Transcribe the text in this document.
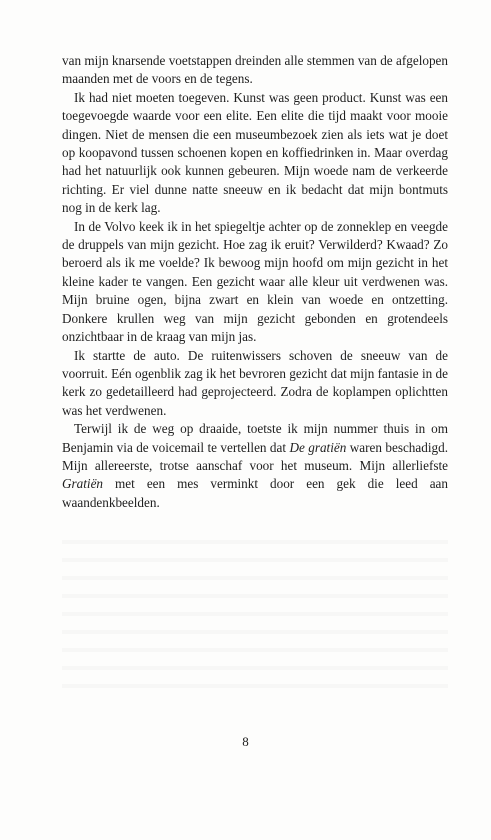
van mijn knarsende voetstappen dreinden alle stemmen van de afgelopen maanden met de voors en de tegens.

Ik had niet moeten toegeven. Kunst was geen product. Kunst was een toegevoegde waarde voor een elite. Een elite die tijd maakt voor mooie dingen. Niet de mensen die een museumbezoek zien als iets wat je doet op koopavond tussen schoenen kopen en koffiedrinken in. Maar overdag had het natuurlijk ook kunnen gebeuren. Mijn woede nam de verkeerde richting. Er viel dunne natte sneeuw en ik bedacht dat mijn bontmuts nog in de kerk lag.

In de Volvo keek ik in het spiegeltje achter op de zonneklep en veegde de druppels van mijn gezicht. Hoe zag ik eruit? Verwilderd? Kwaad? Zo beroerd als ik me voelde? Ik bewoog mijn hoofd om mijn gezicht in het kleine kader te vangen. Een gezicht waar alle kleur uit verdwenen was. Mijn bruine ogen, bijna zwart en klein van woede en ontzetting. Donkere krullen weg van mijn gezicht gebonden en grotendeels onzichtbaar in de kraag van mijn jas.

Ik startte de auto. De ruitenwissers schoven de sneeuw van de voorruit. Eén ogenblik zag ik het bevroren gezicht dat mijn fantasie in de kerk zo gedetailleerd had geprojecteerd. Zodra de koplampen oplichtten was het verdwenen.

Terwijl ik de weg op draaide, toetste ik mijn nummer thuis in om Benjamin via de voicemail te vertellen dat De gratiën waren beschadigd. Mijn allereerste, trotse aanschaf voor het museum. Mijn allerliefste Gratiën met een mes verminkt door een gek die leed aan waandenkbeelden.

8
